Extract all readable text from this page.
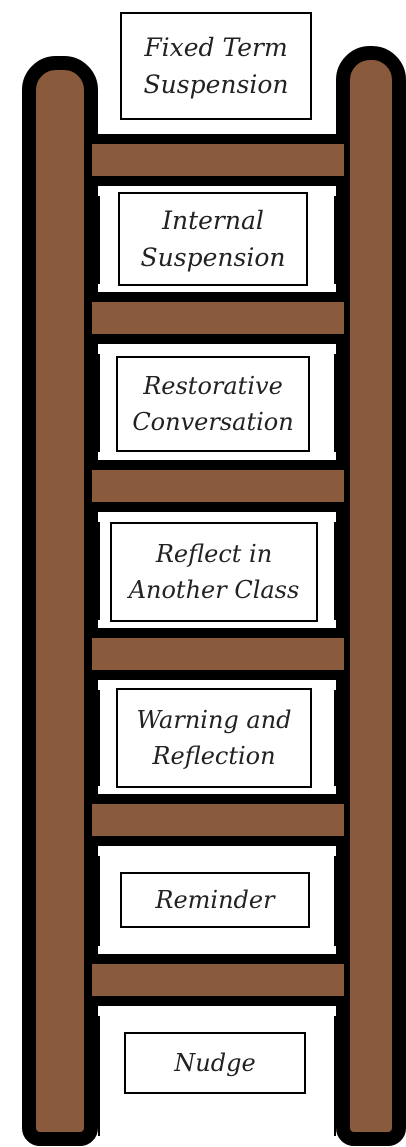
Fixed Term
Suspension
Internal
Suspension
Restorative
Conversation
Reflect in
Another Class
Warning and
Reflection
Reminder
Nudge
